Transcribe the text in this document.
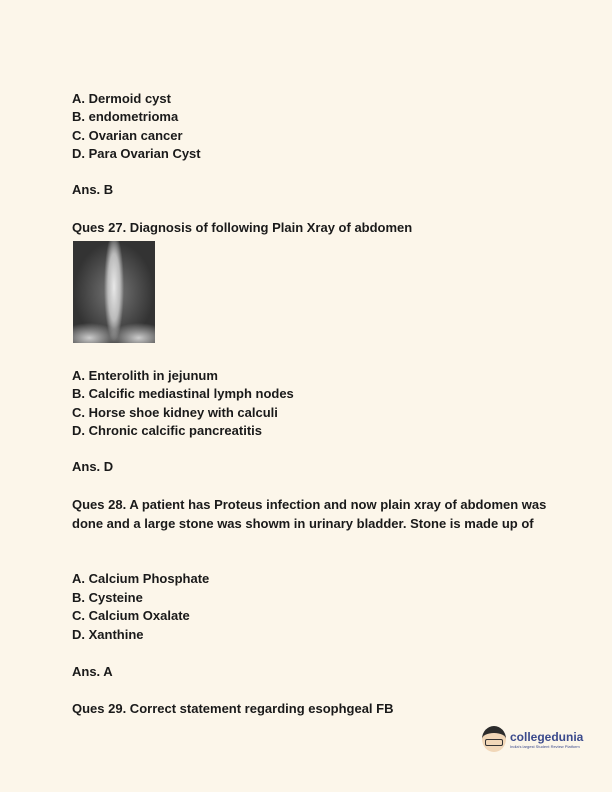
A. Dermoid cyst
B. endometrioma
C. Ovarian cancer
D. Para Ovarian Cyst
Ans. B
Ques 27. Diagnosis of following Plain Xray of abdomen
A. Enterolith in jejunum
B. Calcific mediastinal lymph nodes
C. Horse shoe kidney with calculi
D. Chronic calcific pancreatitis
Ans. D
Ques 28. A patient has Proteus infection and now plain xray of abdomen was done and a large stone was showm in urinary bladder. Stone is made up of
A. Calcium Phosphate
B. Cysteine
C. Calcium Oxalate
D. Xanthine
Ans. A
Ques 29. Correct statement regarding esophgeal FB
collegedunia
India's largest Student Review Platform
